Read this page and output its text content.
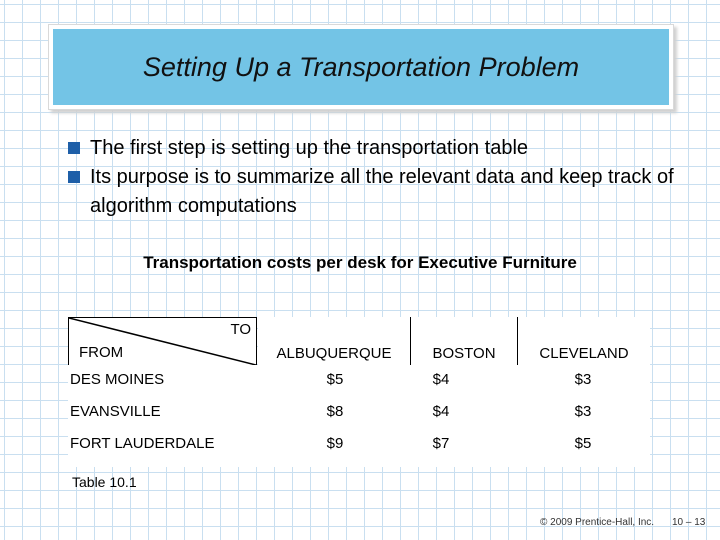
Setting Up a Transportation Problem
The first step is setting up the transportation table
Its purpose is to summarize all the relevant data and keep track of algorithm computations
Transportation costs per desk for Executive Furniture
TO
FROM	ALBUQUERQUE	BOSTON	CLEVELAND
DES MOINES	$5	$4	$3
EVANSVILLE	$8	$4	$3
FORT LAUDERDALE	$9	$7	$5
Table 10.1
© 2009 Prentice-Hall, Inc. 10 – 13
